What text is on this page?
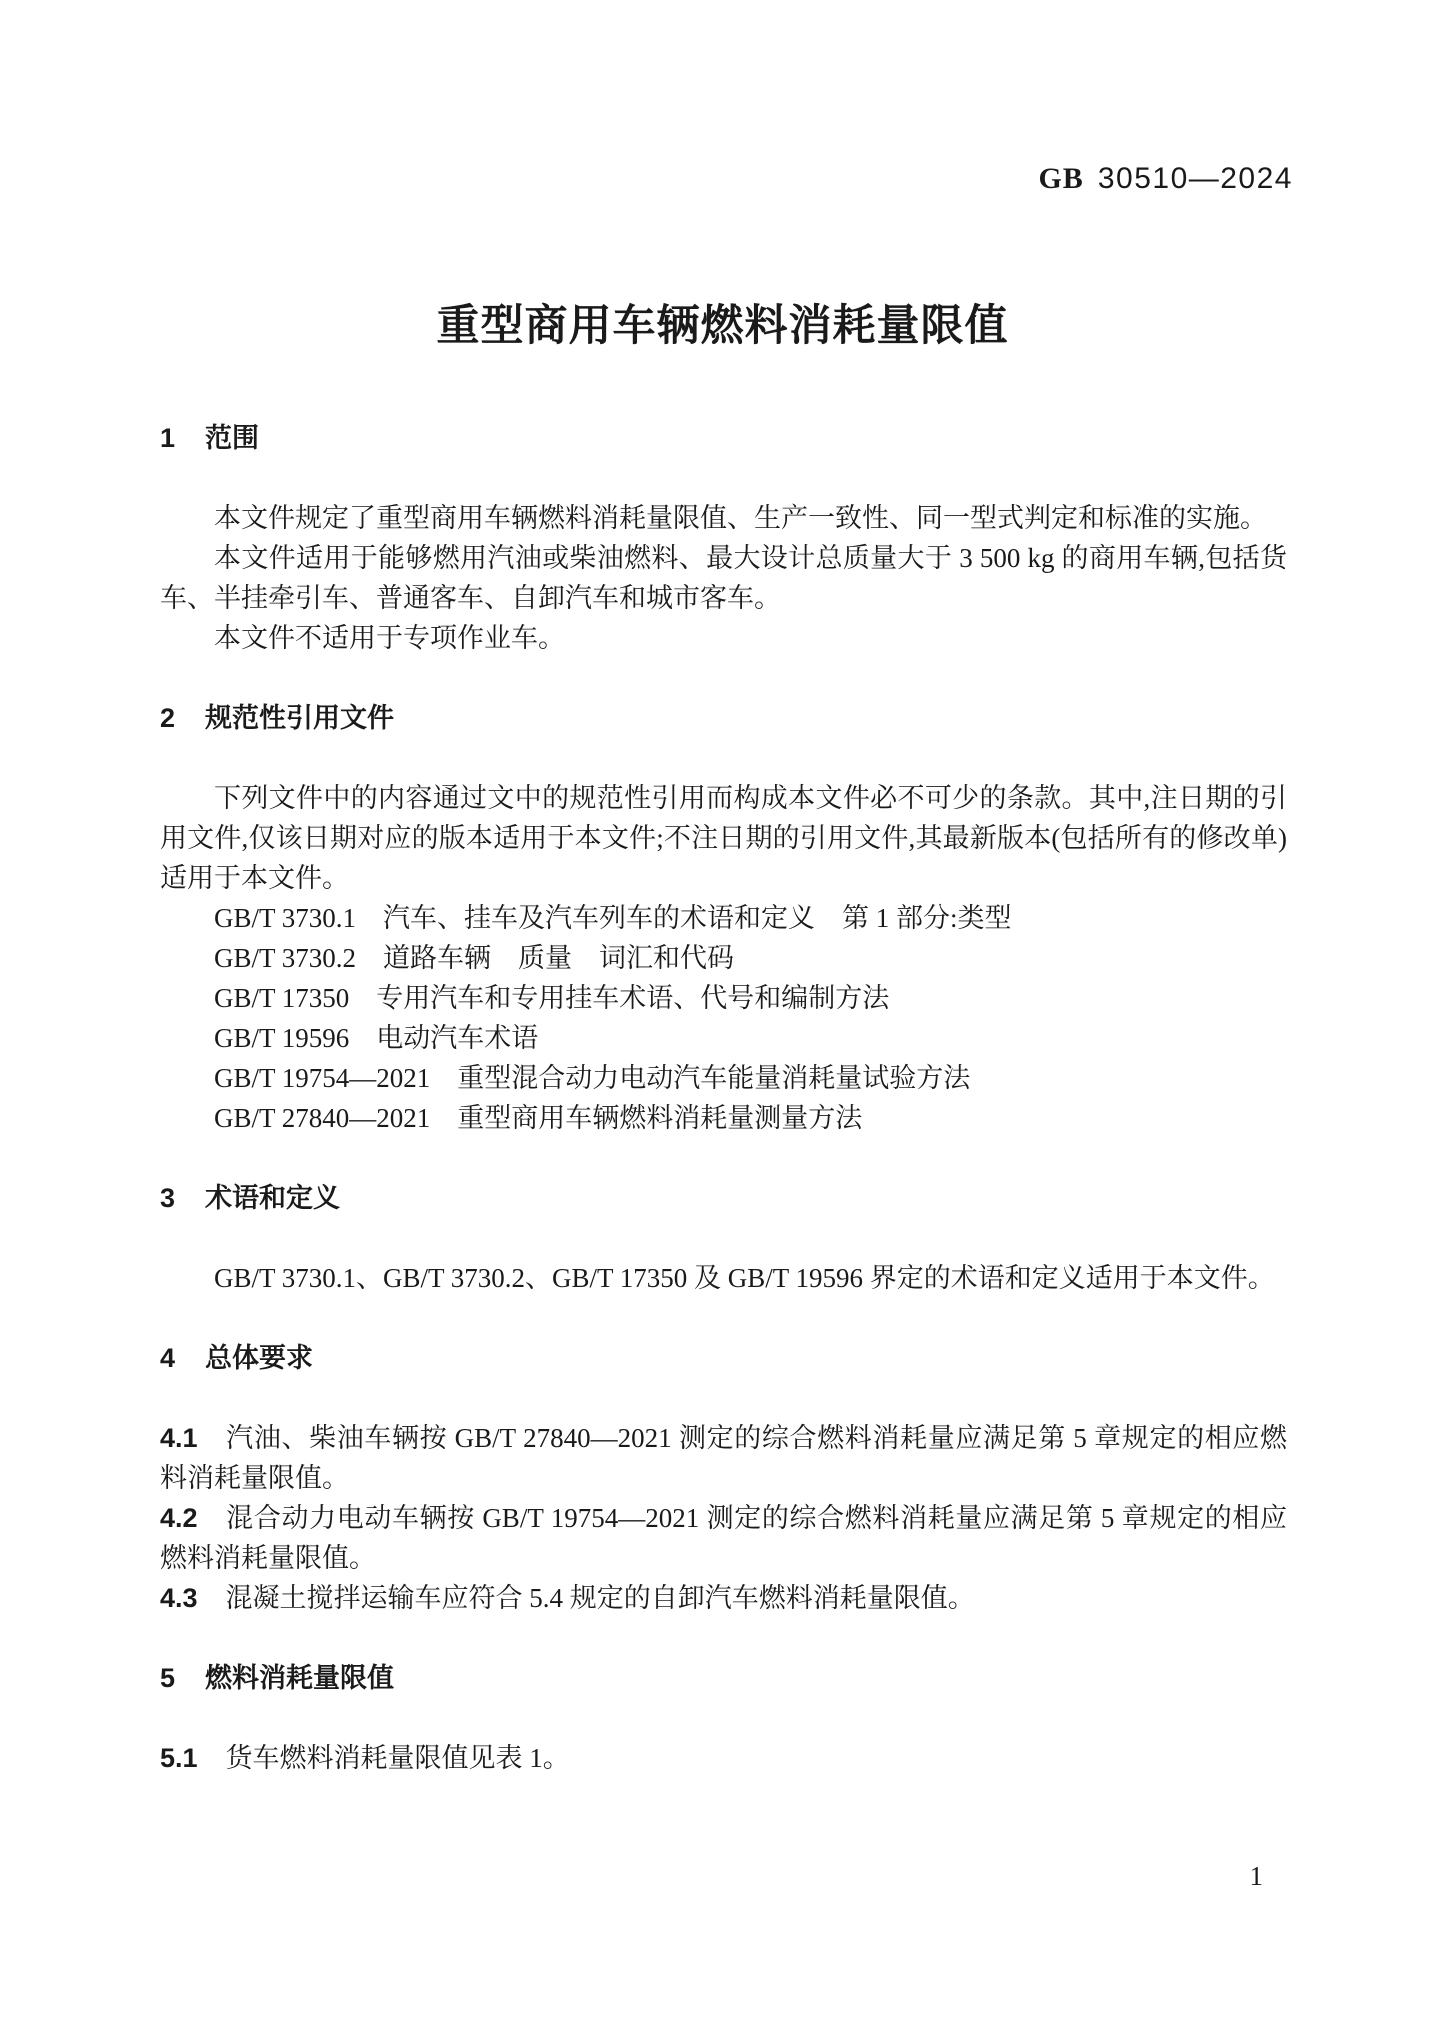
GB 30510—2024
重型商用车辆燃料消耗量限值
1 范围

本文件规定了重型商用车辆燃料消耗量限值、生产一致性、同一型式判定和标准的实施。

本文件适用于能够燃用汽油或柴油燃料、最大设计总质量大于 3 500 kg 的商用车辆,包括货车、半挂牵引车、普通客车、自卸汽车和城市客车。

本文件不适用于专项作业车。

2 规范性引用文件

下列文件中的内容通过文中的规范性引用而构成本文件必不可少的条款。其中,注日期的引用文件,仅该日期对应的版本适用于本文件;不注日期的引用文件,其最新版本(包括所有的修改单)适用于本文件。

GB/T 3730.1 汽车、挂车及汽车列车的术语和定义　第 1 部分:类型

GB/T 3730.2 道路车辆　质量　词汇和代码

GB/T 17350 专用汽车和专用挂车术语、代号和编制方法

GB/T 19596 电动汽车术语

GB/T 19754—2021 重型混合动力电动汽车能量消耗量试验方法

GB/T 27840—2021 重型商用车辆燃料消耗量测量方法

3 术语和定义

GB/T 3730.1、GB/T 3730.2、GB/T 17350 及 GB/T 19596 界定的术语和定义适用于本文件。

4 总体要求

4.1 汽油、柴油车辆按 GB/T 27840—2021 测定的综合燃料消耗量应满足第 5 章规定的相应燃料消耗量限值。

4.2 混合动力电动车辆按 GB/T 19754—2021 测定的综合燃料消耗量应满足第 5 章规定的相应燃料消耗量限值。

4.3 混凝土搅拌运输车应符合 5.4 规定的自卸汽车燃料消耗量限值。

5 燃料消耗量限值

5.1 货车燃料消耗量限值见表 1。

1
